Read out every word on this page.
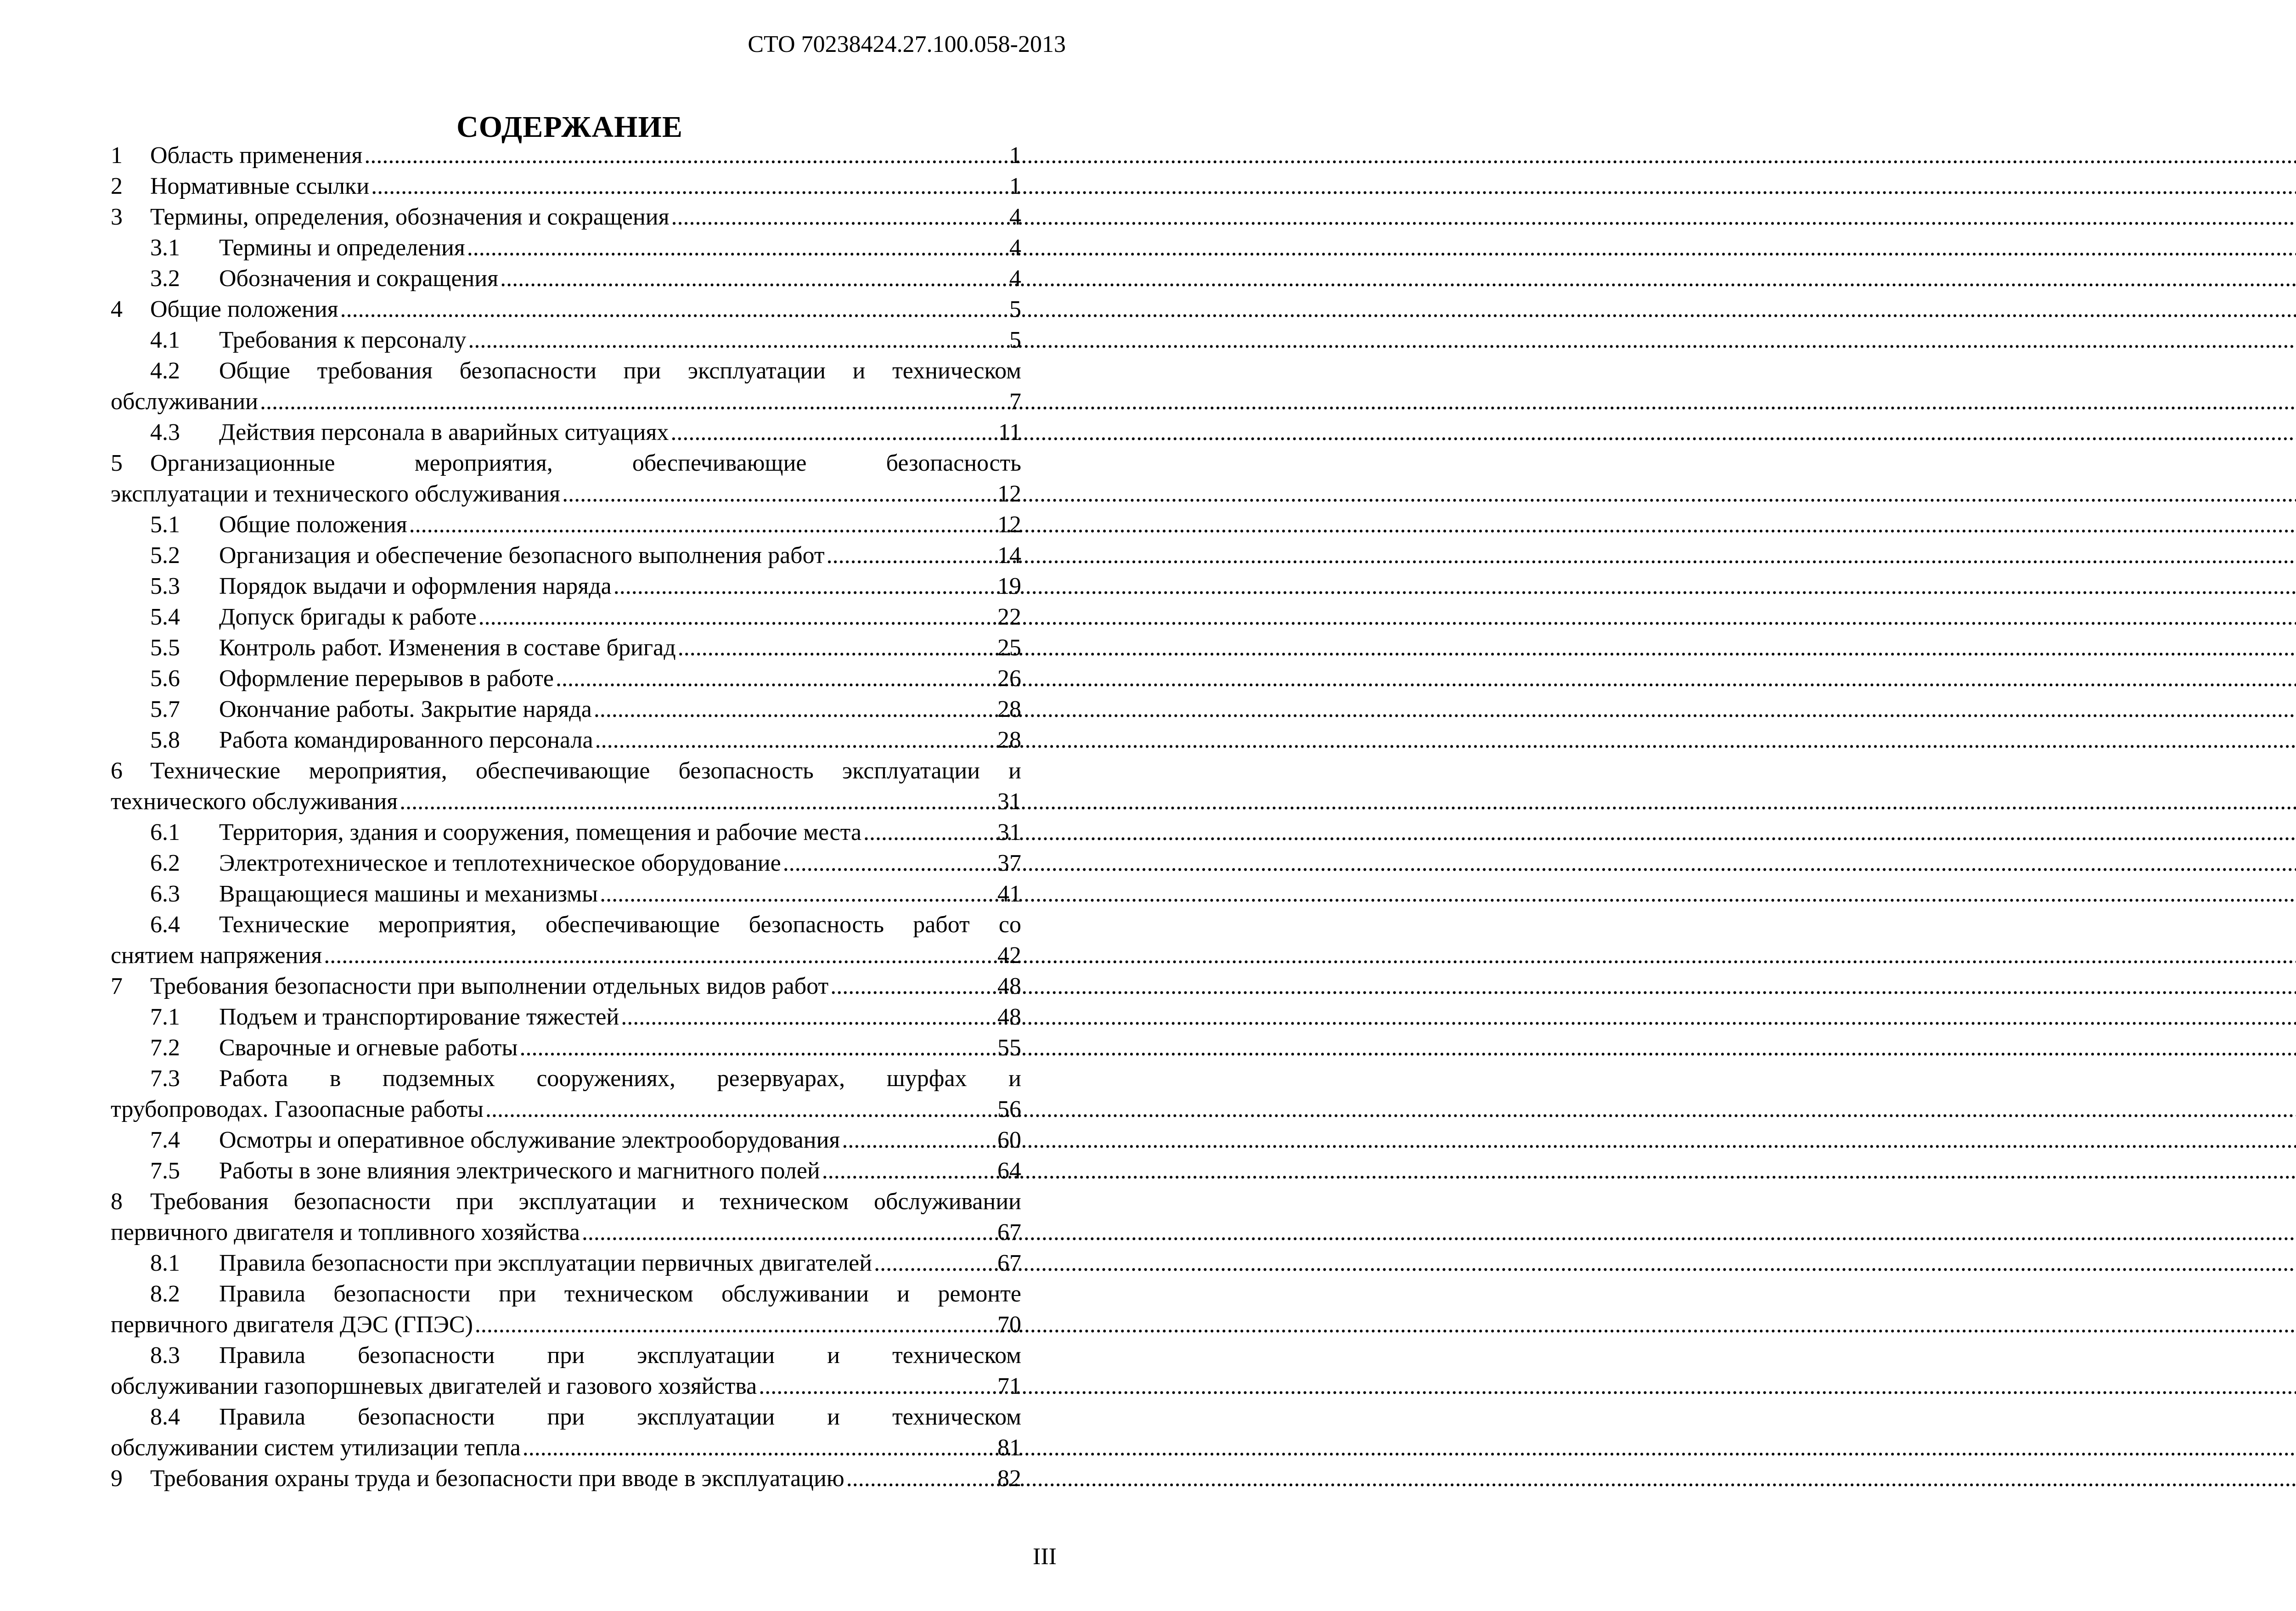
СТО 70238424.27.100.058-2013
СОДЕРЖАНИЕ
1	Область применения .....	1
2	Нормативные ссылки .....	1
3	Термины, определения, обозначения и сокращения .....	4
3.1	Термины и определения .....	4
3.2	Обозначения и сокращения .....	4
4	Общие положения .....	5
4.1	Требования к персоналу .....	5
4.2	Общие требования безопасности при эксплуатации и техническом
обслуживании .....	7
4.3	Действия персонала в аварийных ситуациях .....	11
5	Организационные мероприятия, обеспечивающие безопасность
эксплуатации и технического обслуживания .....	12
5.1	Общие положения .....	12
5.2	Организация и обеспечение безопасного выполнения работ .....	14
5.3	Порядок выдачи и оформления наряда .....	19
5.4	Допуск бригады к работе .....	22
5.5	Контроль работ. Изменения в составе бригад .....	25
5.6	Оформление перерывов в работе .....	26
5.7	Окончание работы. Закрытие наряда .....	28
5.8	Работа командированного персонала .....	28
6	Технические мероприятия, обеспечивающие безопасность эксплуатации и
технического обслуживания .....	31
6.1	Территория, здания и сооружения, помещения и рабочие места .....	31
6.2	Электротехническое и теплотехническое оборудование .....	37
6.3	Вращающиеся машины и механизмы .....	41
6.4	Технические мероприятия, обеспечивающие безопасность работ со
снятием напряжения .....	42
7	Требования безопасности при выполнении отдельных видов работ .....	48
7.1	Подъем и транспортирование тяжестей .....	48
7.2	Сварочные и огневые работы .....	55
7.3	Работа в подземных сооружениях, резервуарах, шурфах и
трубопроводах. Газоопасные работы .....	56
7.4	Осмотры и оперативное обслуживание электрооборудования .....	60
7.5	Работы в зоне влияния электрического и магнитного полей .....	64
8	Требования безопасности при эксплуатации и техническом обслуживании
первичного двигателя и топливного хозяйства .....	67
8.1	Правила безопасности при эксплуатации первичных двигателей .....	67
8.2	Правила безопасности при техническом обслуживании и ремонте
первичного двигателя ДЭС (ГПЭС) .....	70
8.3	Правила безопасности при эксплуатации и техническом
обслуживании газопоршневых двигателей и газового хозяйства .....	71
8.4	Правила безопасности при эксплуатации и техническом
обслуживании систем утилизации тепла .....	81
9	Требования охраны труда и безопасности при вводе в эксплуатацию .....	82
III
